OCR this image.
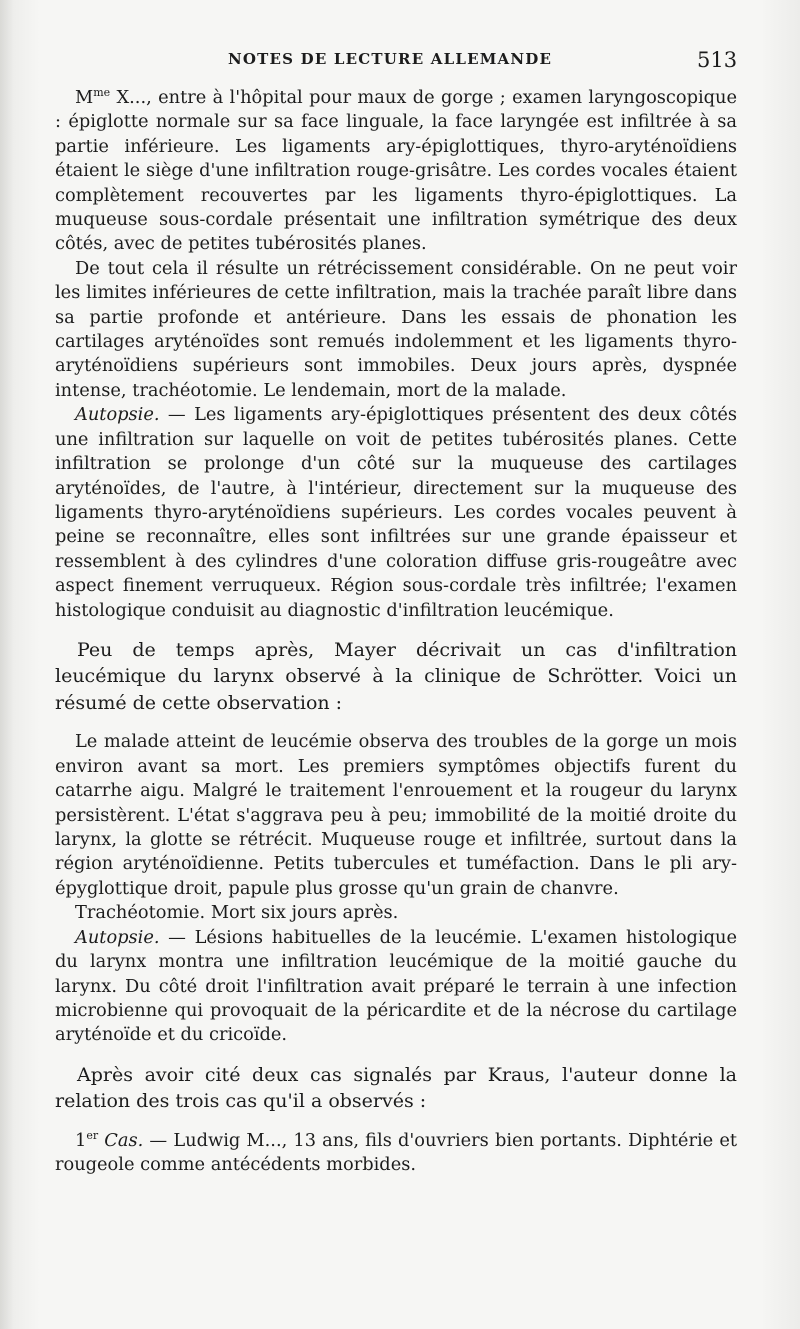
NOTES DE LECTURE ALLEMANDE	513

$M^{me}$ X..., entre à l'hôpital pour maux de gorge ; examen laryngoscopique : épiglotte normale sur sa face linguale, la face laryngée est infiltrée à sa partie inférieure. Les ligaments ary-épiglottiques, thyro-aryténoïdiens étaient le siège d'une infiltration rouge-grisâtre. Les cordes vocales étaient complètement recouvertes par les ligaments thyro-épiglottiques. La muqueuse sous-cordale présentait une infiltration symétrique des deux côtés, avec de petites tubérosités planes.

De tout cela il résulte un rétrécissement considérable. On ne peut voir les limites inférieures de cette infiltration, mais la trachée paraît libre dans sa partie profonde et antérieure. Dans les essais de phonation les cartilages aryténoïdes sont remués indolemment et les ligaments thyro-aryténoïdiens supérieurs sont immobiles. Deux jours après, dyspnée intense, trachéotomie. Le lendemain, mort de la malade.

Autopsie. — Les ligaments ary-épiglottiques présentent des deux côtés une infiltration sur laquelle on voit de petites tubérosités planes. Cette infiltration se prolonge d'un côté sur la muqueuse des cartilages aryténoïdes, de l'autre, à l'intérieur, directement sur la muqueuse des ligaments thyro-aryténoïdiens supérieurs. Les cordes vocales peuvent à peine se reconnaître, elles sont infiltrées sur une grande épaisseur et ressemblent à des cylindres d'une coloration diffuse gris-rougeâtre avec aspect finement verruqueux. Région sous-cordale très infiltrée; l'examen histologique conduisit au diagnostic d'infiltration leucémique.

Peu de temps après, Mayer décrivait un cas d'infiltration leucémique du larynx observé à la clinique de Schrötter. Voici un résumé de cette observation :

Le malade atteint de leucémie observa des troubles de la gorge un mois environ avant sa mort. Les premiers symptômes objectifs furent du catarrhe aigu. Malgré le traitement l'enrouement et la rougeur du larynx persistèrent. L'état s'aggrava peu à peu; immobilité de la moitié droite du larynx, la glotte se rétrécit. Muqueuse rouge et infiltrée, surtout dans la région aryténoïdienne. Petits tubercules et tuméfaction. Dans le pli ary-épyglottique droit, papule plus grosse qu'un grain de chanvre.

Trachéotomie. Mort six jours après.

Autopsie. — Lésions habituelles de la leucémie. L'examen histologique du larynx montra une infiltration leucémique de la moitié gauche du larynx. Du côté droit l'infiltration avait préparé le terrain à une infection microbienne qui provoquait de la péricardite et de la nécrose du cartilage aryténoïde et du cricoïde.

Après avoir cité deux cas signalés par Kraus, l'auteur donne la relation des trois cas qu'il a observés :

1er Cas. — Ludwig M..., 13 ans, fils d'ouvriers bien portants. Diphtérie et rougeole comme antécédents morbides.
